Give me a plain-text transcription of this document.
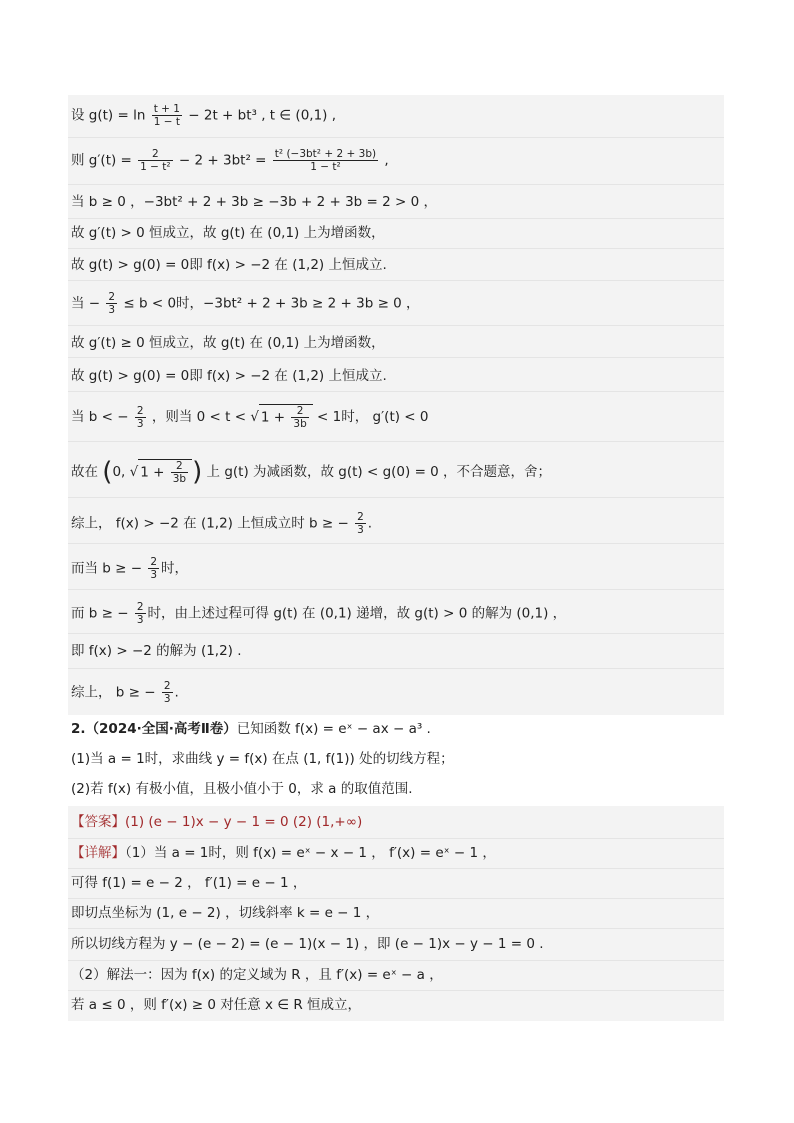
设 $g(t) = \ln \frac{t + 1}{1 - t} - 2t + bt^3$ , t ∈ (0,1) ,
则 $g'(t) = \frac{2}{\text{1 − t²}} - 2 + 3bt^2 = \frac{\text{t² (−3bt² + 2 + 3b)}}{\text{1 − t²}}$ ,
当 b ≥ 0 ，−3bt² + 2 + 3b ≥ −3b + 2 + 3b = 2 > 0 ，
故 g′(t) > 0 恒成立，故 g(t) 在 (0,1) 上为增函数，
故 g(t) > g(0) = 0即 f(x) > −2 在 (1,2) 上恒成立.
当 − $\frac{2}{3} \le b < 0$时，−3bt² + 2 + 3b ≥ 2 + 3b ≥ 0 ，
故 g′(t) ≥ 0 恒成立，故 g(t) 在 (0,1) 上为增函数，
故 g(t) > g(0) = 0即 f(x) > −2 在 (1,2) 上恒成立.
当 b < − $\frac{2}{3}$ ，则当 0 < t < √ $1 + \frac{2}{3b} < 1$时， g′(t) < 0
故在 (0, √ $1 + \frac{2}{3b}$ ) 上 g(t) 为减函数，故 g(t) < g(0) = 0 ，不合题意，舍；
综上， f(x) > −2 在 (1,2) 上恒成立时 b ≥ − $\frac{2}{3}$ .
而当 b ≥ − $\frac{2}{3}$ 时，
而 b ≥ − $\frac{2}{3}$ 时，由上述过程可得 g(t) 在 (0,1) 递增，故 g(t) > 0 的解为 (0,1) ，
即 f(x) > −2 的解为 (1,2) .
综上， b ≥ − $\frac{2}{3}$ .
2.（2024·全国·高考Ⅱ卷）已知函数 f(x) = eˣ − ax − a³ .
(1)当 a = 1时，求曲线 y = f(x) 在点 (1, f(1)) 处的切线方程；
(2)若 f(x) 有极小值，且极小值小于 0，求 a 的取值范围.
【答案】(1) (e − 1)x − y − 1 = 0 (2) (1,+∞)
【详解】（1）当 a = 1时，则 f(x) = eˣ − x − 1 ， f′(x) = eˣ − 1 ，
可得 f(1) = e − 2 ， f′(1) = e − 1 ，
即切点坐标为 (1, e − 2) ，切线斜率 k = e − 1 ，
所以切线方程为 y − (e − 2) = (e − 1)(x − 1) ，即 (e − 1)x − y − 1 = 0 .
（2）解法一：因为 f(x) 的定义域为 R ，且 f′(x) = eˣ − a ，
若 a ≤ 0 ，则 f′(x) ≥ 0 对任意 x ∈ R 恒成立，
